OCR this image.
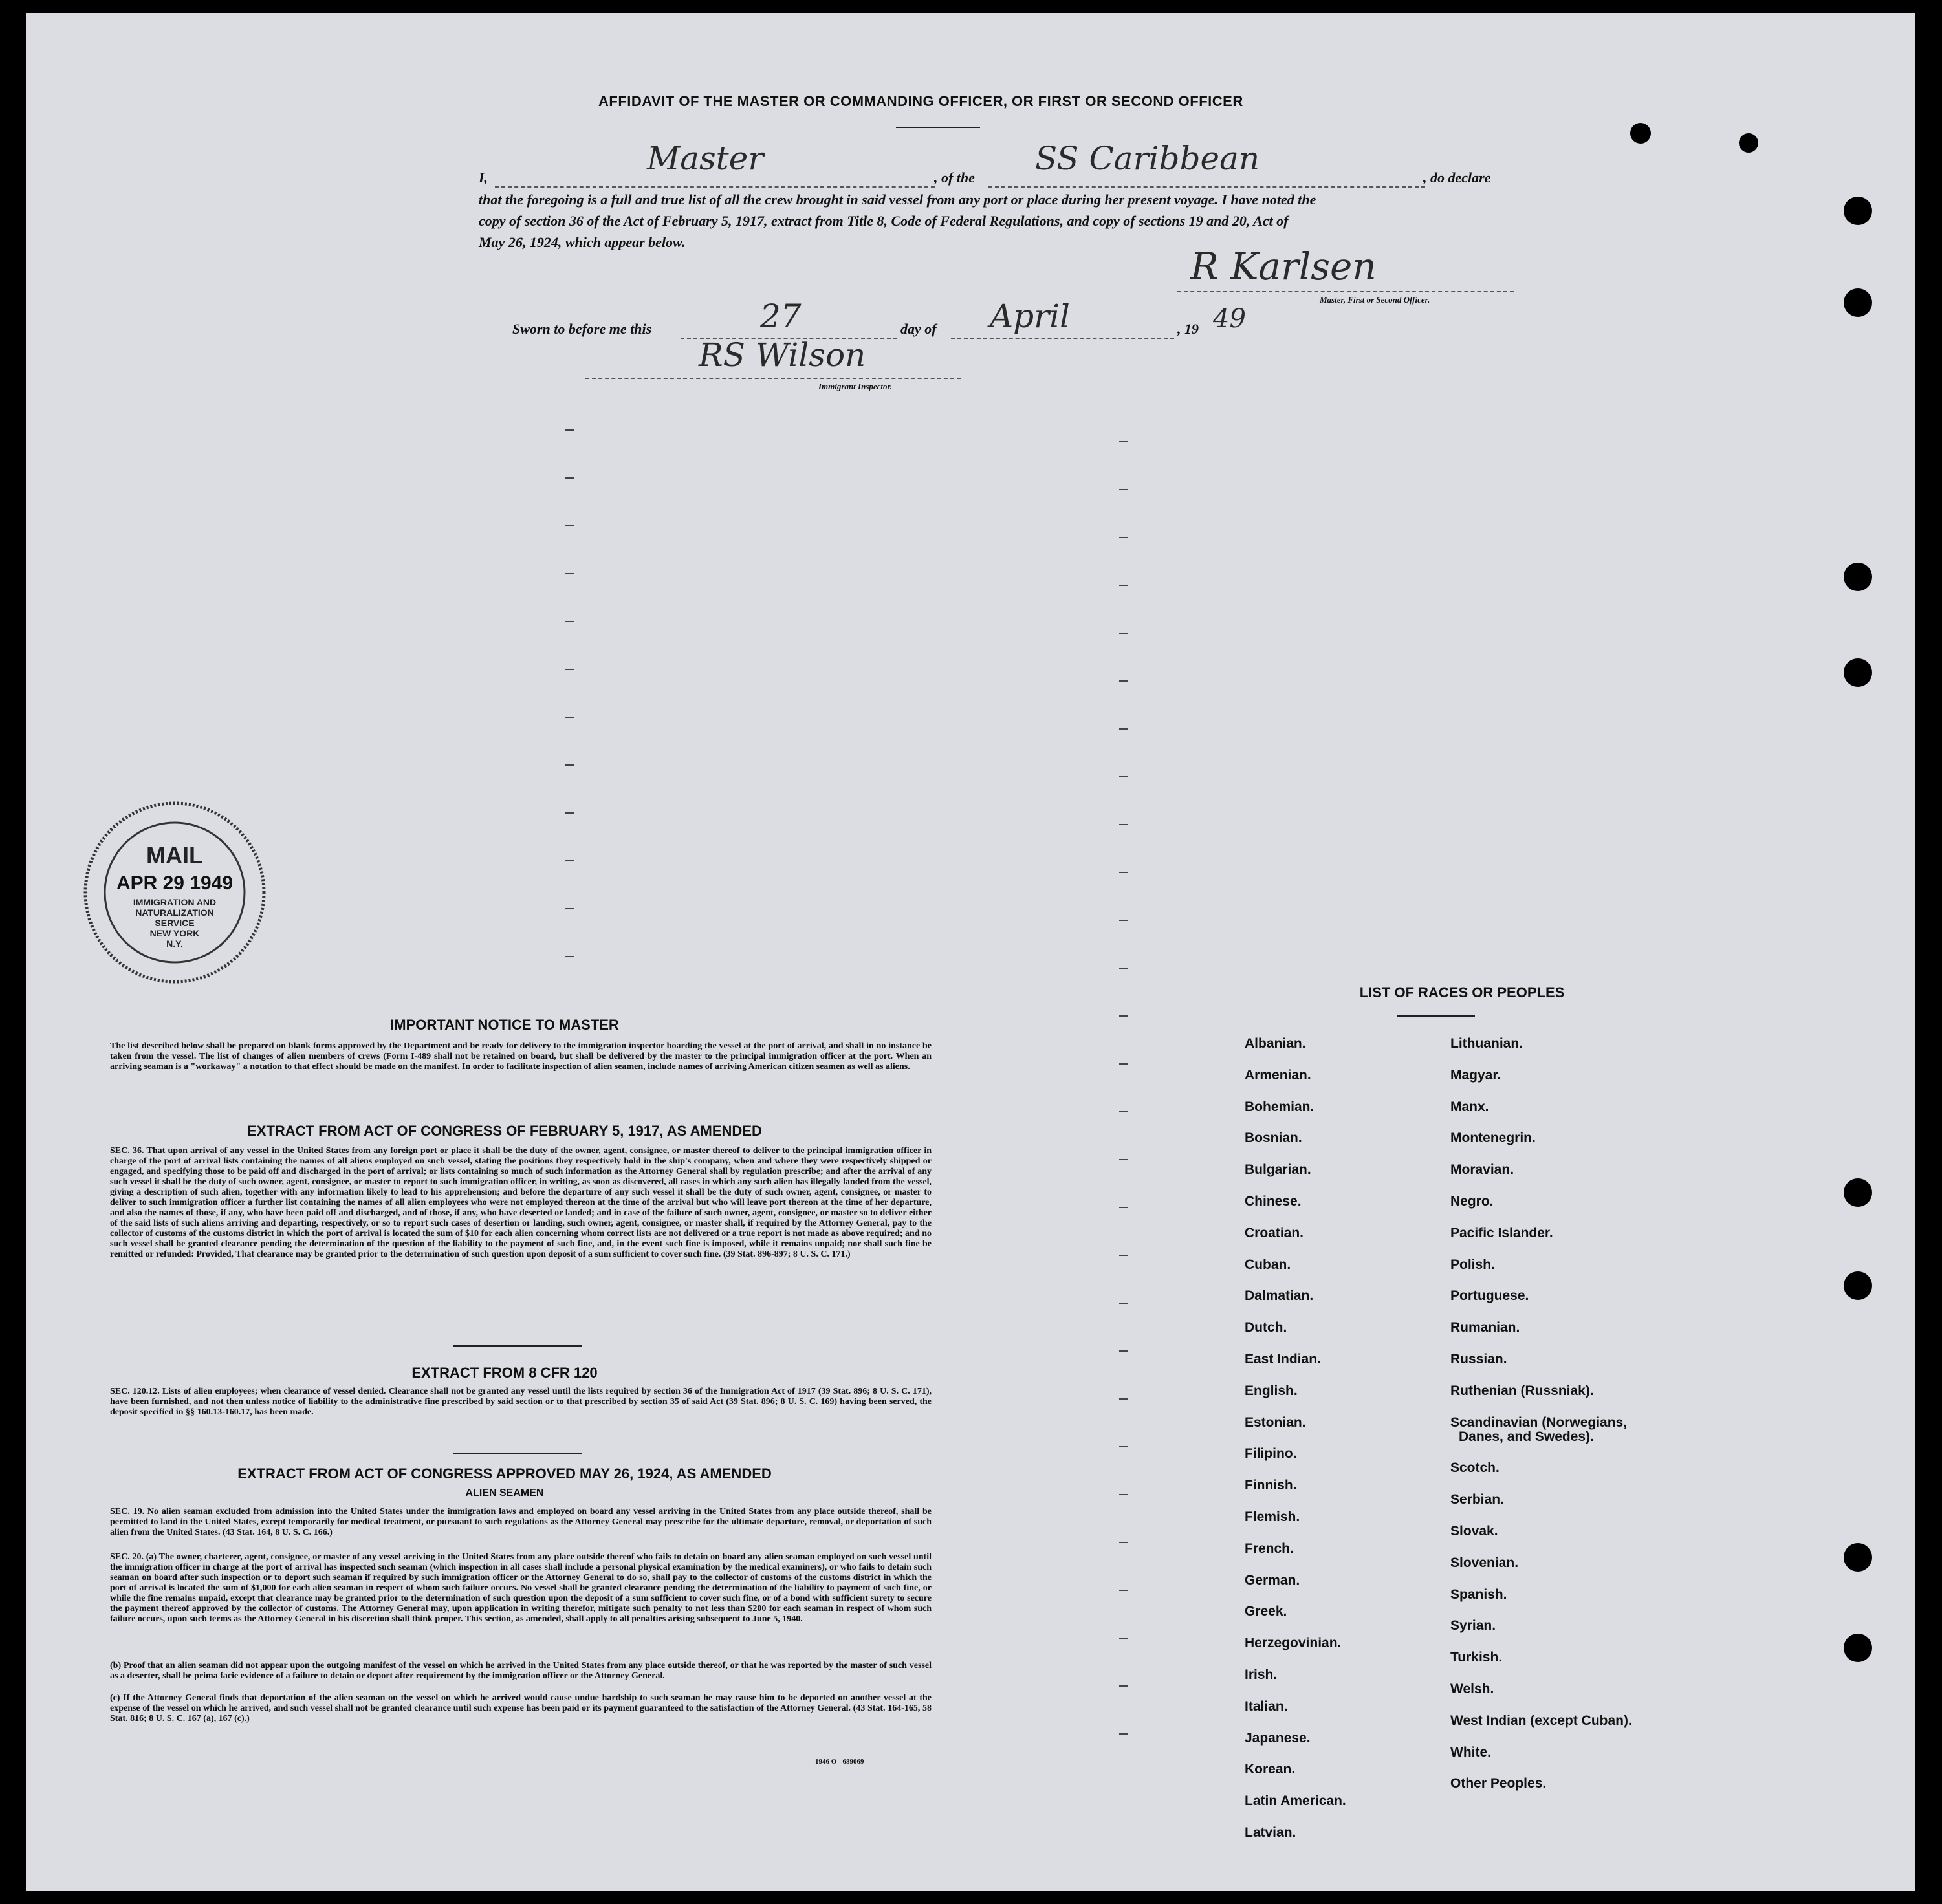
AFFIDAVIT OF THE MASTER OR COMMANDING OFFICER, OR FIRST OR SECOND OFFICER
I,
Master
, of the
SS Caribbean
, do declare
that the foregoing is a full and true list of all the crew brought in said vessel from any port or place during her present voyage. I have noted the
copy of section 36 of the Act of February 5, 1917, extract from Title 8, Code of Federal Regulations, and copy of sections 19 and 20, Act of
May 26, 1924, which appear below.
R Karlsen
Master, First or Second Officer.
Sworn to before me this	27	day of April	, 19 49
RS Wilson
Immigrant Inspector.
MAIL
APR 29 1949
IMMIGRATION AND
NATURALIZATION
SERVICE
NEW YORK
N.Y.
IMPORTANT NOTICE TO MASTER
The list described below shall be prepared on blank forms approved by the Department and be ready for delivery to the immigration inspector boarding the vessel at the port of arrival, and shall in no instance be taken from the vessel. The list of changes of alien members of crews (Form I-489 shall not be retained on board, but shall be delivered by the master to the principal immigration officer at the port. When an arriving seaman is a "workaway" a notation to that effect should be made on the manifest. In order to facilitate inspection of alien seamen, include names of arriving American citizen seamen as well as aliens.
EXTRACT FROM ACT OF CONGRESS OF FEBRUARY 5, 1917, AS AMENDED
SEC. 36. That upon arrival of any vessel in the United States from any foreign port or place it shall be the duty of the owner, agent, consignee, or master thereof to deliver to the principal immigration officer in charge of the port of arrival lists containing the names of all aliens employed on such vessel, stating the positions they respectively hold in the ship's company, when and where they were respectively shipped or engaged, and specifying those to be paid off and discharged in the port of arrival; or lists containing so much of such information as the Attorney General shall by regulation prescribe; and after the arrival of any such vessel it shall be the duty of such owner, agent, consignee, or master to report to such immigration officer, in writing, as soon as discovered, all cases in which any such alien has illegally landed from the vessel, giving a description of such alien, together with any information likely to lead to his apprehension; and before the departure of any such vessel it shall be the duty of such owner, agent, consignee, or master to deliver to such immigration officer a further list containing the names of all alien employees who were not employed thereon at the time of the arrival but who will leave port thereon at the time of her departure, and also the names of those, if any, who have been paid off and discharged, and of those, if any, who have deserted or landed; and in case of the failure of such owner, agent, consignee, or master so to deliver either of the said lists of such aliens arriving and departing, respectively, or so to report such cases of desertion or landing, such owner, agent, consignee, or master shall, if required by the Attorney General, pay to the collector of customs of the customs district in which the port of arrival is located the sum of $10 for each alien concerning whom correct lists are not delivered or a true report is not made as above required; and no such vessel shall be granted clearance pending the determination of the question of the liability to the payment of such fine, and, in the event such fine is imposed, while it remains unpaid; nor shall such fine be remitted or refunded: Provided, That clearance may be granted prior to the determination of such question upon deposit of a sum sufficient to cover such fine. (39 Stat. 896-897; 8 U. S. C. 171.)
EXTRACT FROM 8 CFR 120
SEC. 120.12. Lists of alien employees; when clearance of vessel denied. Clearance shall not be granted any vessel until the lists required by section 36 of the Immigration Act of 1917 (39 Stat. 896; 8 U. S. C. 171), have been furnished, and not then unless notice of liability to the administrative fine prescribed by said section or to that prescribed by section 35 of said Act (39 Stat. 896; 8 U. S. C. 169) having been served, the deposit specified in §§ 160.13-160.17, has been made.
EXTRACT FROM ACT OF CONGRESS APPROVED MAY 26, 1924, AS AMENDED
ALIEN SEAMEN
SEC. 19. No alien seaman excluded from admission into the United States under the immigration laws and employed on board any vessel arriving in the United States from any place outside thereof, shall be permitted to land in the United States, except temporarily for medical treatment, or pursuant to such regulations as the Attorney General may prescribe for the ultimate departure, removal, or deportation of such alien from the United States. (43 Stat. 164, 8 U. S. C. 166.)
SEC. 20. (a) The owner, charterer, agent, consignee, or master of any vessel arriving in the United States from any place outside thereof who fails to detain on board any alien seaman employed on such vessel until the immigration officer in charge at the port of arrival has inspected such seaman (which inspection in all cases shall include a personal physical examination by the medical examiners), or who fails to detain such seaman on board after such inspection or to deport such seaman if required by such immigration officer or the Attorney General to do so, shall pay to the collector of customs of the customs district in which the port of arrival is located the sum of $1,000 for each alien seaman in respect of whom such failure occurs. No vessel shall be granted clearance pending the determination of the liability to payment of such fine, or while the fine remains unpaid, except that clearance may be granted prior to the determination of such question upon the deposit of a sum sufficient to cover such fine, or of a bond with sufficient surety to secure the payment thereof approved by the collector of customs. The Attorney General may, upon application in writing therefor, mitigate such penalty to not less than $200 for each seaman in respect of whom such failure occurs, upon such terms as the Attorney General in his discretion shall think proper. This section, as amended, shall apply to all penalties arising subsequent to June 5, 1940.
(b) Proof that an alien seaman did not appear upon the outgoing manifest of the vessel on which he arrived in the United States from any place outside thereof, or that he was reported by the master of such vessel as a deserter, shall be prima facie evidence of a failure to detain or deport after requirement by the immigration officer or the Attorney General.
(c) If the Attorney General finds that deportation of the alien seaman on the vessel on which he arrived would cause undue hardship to such seaman he may cause him to be deported on another vessel at the expense of the vessel on which he arrived, and such vessel shall not be granted clearance until such expense has been paid or its payment guaranteed to the satisfaction of the Attorney General. (43 Stat. 164-165, 58 Stat. 816; 8 U. S. C. 167 (a), 167 (c).)
1946 O - 689069
LIST OF RACES OR PEOPLES
Albanian.
Armenian.
Bohemian.
Bosnian.
Bulgarian.
Chinese.
Croatian.
Cuban.
Dalmatian.
Dutch.
East Indian.
English.
Estonian.
Filipino.
Finnish.
Flemish.
French.
German.
Greek.
Herzegovinian.
Irish.
Italian.
Japanese.
Korean.
Latin American.
Latvian.
Lithuanian.
Magyar.
Manx.
Montenegrin.
Moravian.
Negro.
Pacific Islander.
Polish.
Portuguese.
Rumanian.
Russian.
Ruthenian (Russniak).
Scandinavian (Norwegians,
Danes, and Swedes).
Scotch.
Serbian.
Slovak.
Slovenian.
Spanish.
Syrian.
Turkish.
Welsh.
West Indian (except Cuban).
White.
Other Peoples.
